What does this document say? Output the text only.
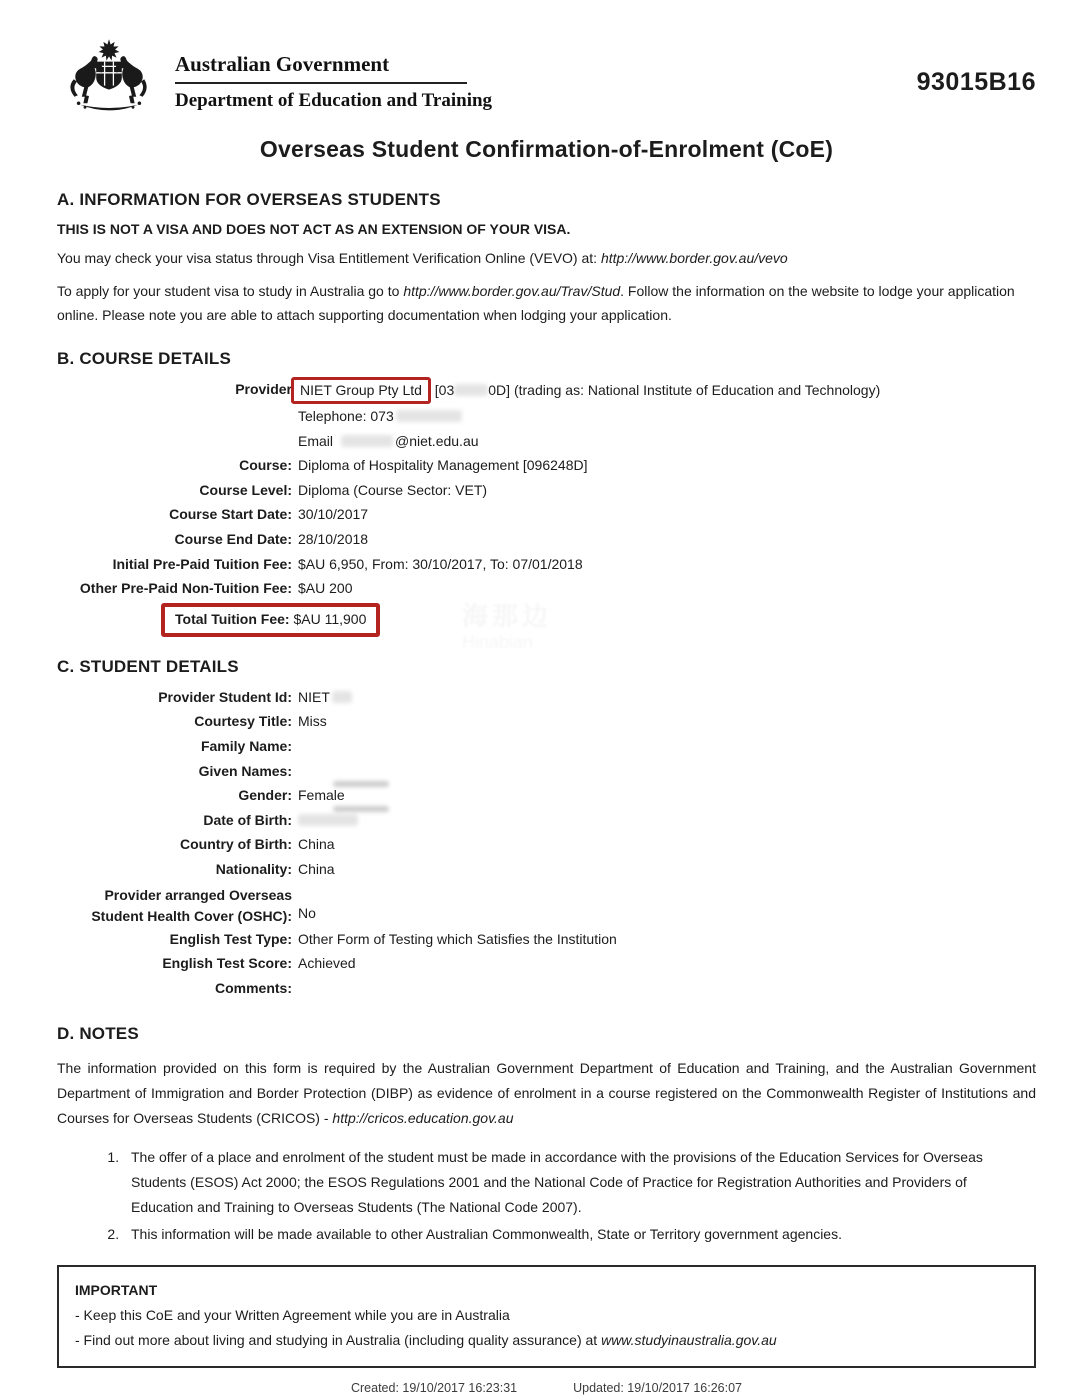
Australian Government
Department of Education and Training
93015B16
Overseas Student Confirmation-of-Enrolment (CoE)
A. INFORMATION FOR OVERSEAS STUDENTS
THIS IS NOT A VISA AND DOES NOT ACT AS AN EXTENSION OF YOUR VISA.
You may check your visa status through Visa Entitlement Verification Online (VEVO) at: http://www.border.gov.au/vevo
To apply for your student visa to study in Australia go to http://www.border.gov.au/Trav/Stud. Follow the information on the website to lodge your application online. Please note you are able to attach supporting documentation when lodging your application.
B. COURSE DETAILS
Provider NIET Group Pty Ltd [03 0D] (trading as: National Institute of Education and Technology)
Telephone: 073
Email	@niet.edu.au
Course: Diploma of Hospitality Management [096248D]
Course Level: Diploma (Course Sector: VET)
Course Start Date: 30/10/2017
Course End Date: 28/10/2018
Initial Pre-Paid Tuition Fee: $AU 6,950, From: 30/10/2017, To: 07/01/2018
Other Pre-Paid Non-Tuition Fee: $AU 200
Total Tuition Fee: $AU 11,900
C. STUDENT DETAILS
Provider Student Id: NIET
Courtesy Title: Miss
Family Name:
Given Names:
Gender: Female
Date of Birth:
Country of Birth: China
Nationality: China
Provider arranged Overseas
Student Health Cover (OSHC): No
English Test Type: Other Form of Testing which Satisfies the Institution
English Test Score: Achieved
Comments:
D. NOTES
The information provided on this form is required by the Australian Government Department of Education and Training, and the Australian Government Department of Immigration and Border Protection (DIBP) as evidence of enrolment in a course registered on the Commonwealth Register of Institutions and Courses for Overseas Students (CRICOS) - http://cricos.education.gov.au
1. The offer of a place and enrolment of the student must be made in accordance with the provisions of the Education Services for Overseas Students (ESOS) Act 2000; the ESOS Regulations 2001 and the National Code of Practice for Registration Authorities and Providers of Education and Training to Overseas Students (The National Code 2007).
2. This information will be made available to other Australian Commonwealth, State or Territory government agencies.
IMPORTANT
- Keep this CoE and your Written Agreement while you are in Australia
- Find out more about living and studying in Australia (including quality assurance) at www.studyinaustralia.gov.au
Created: 19/10/2017 16:23:31	Updated: 19/10/2017 16:26:07
